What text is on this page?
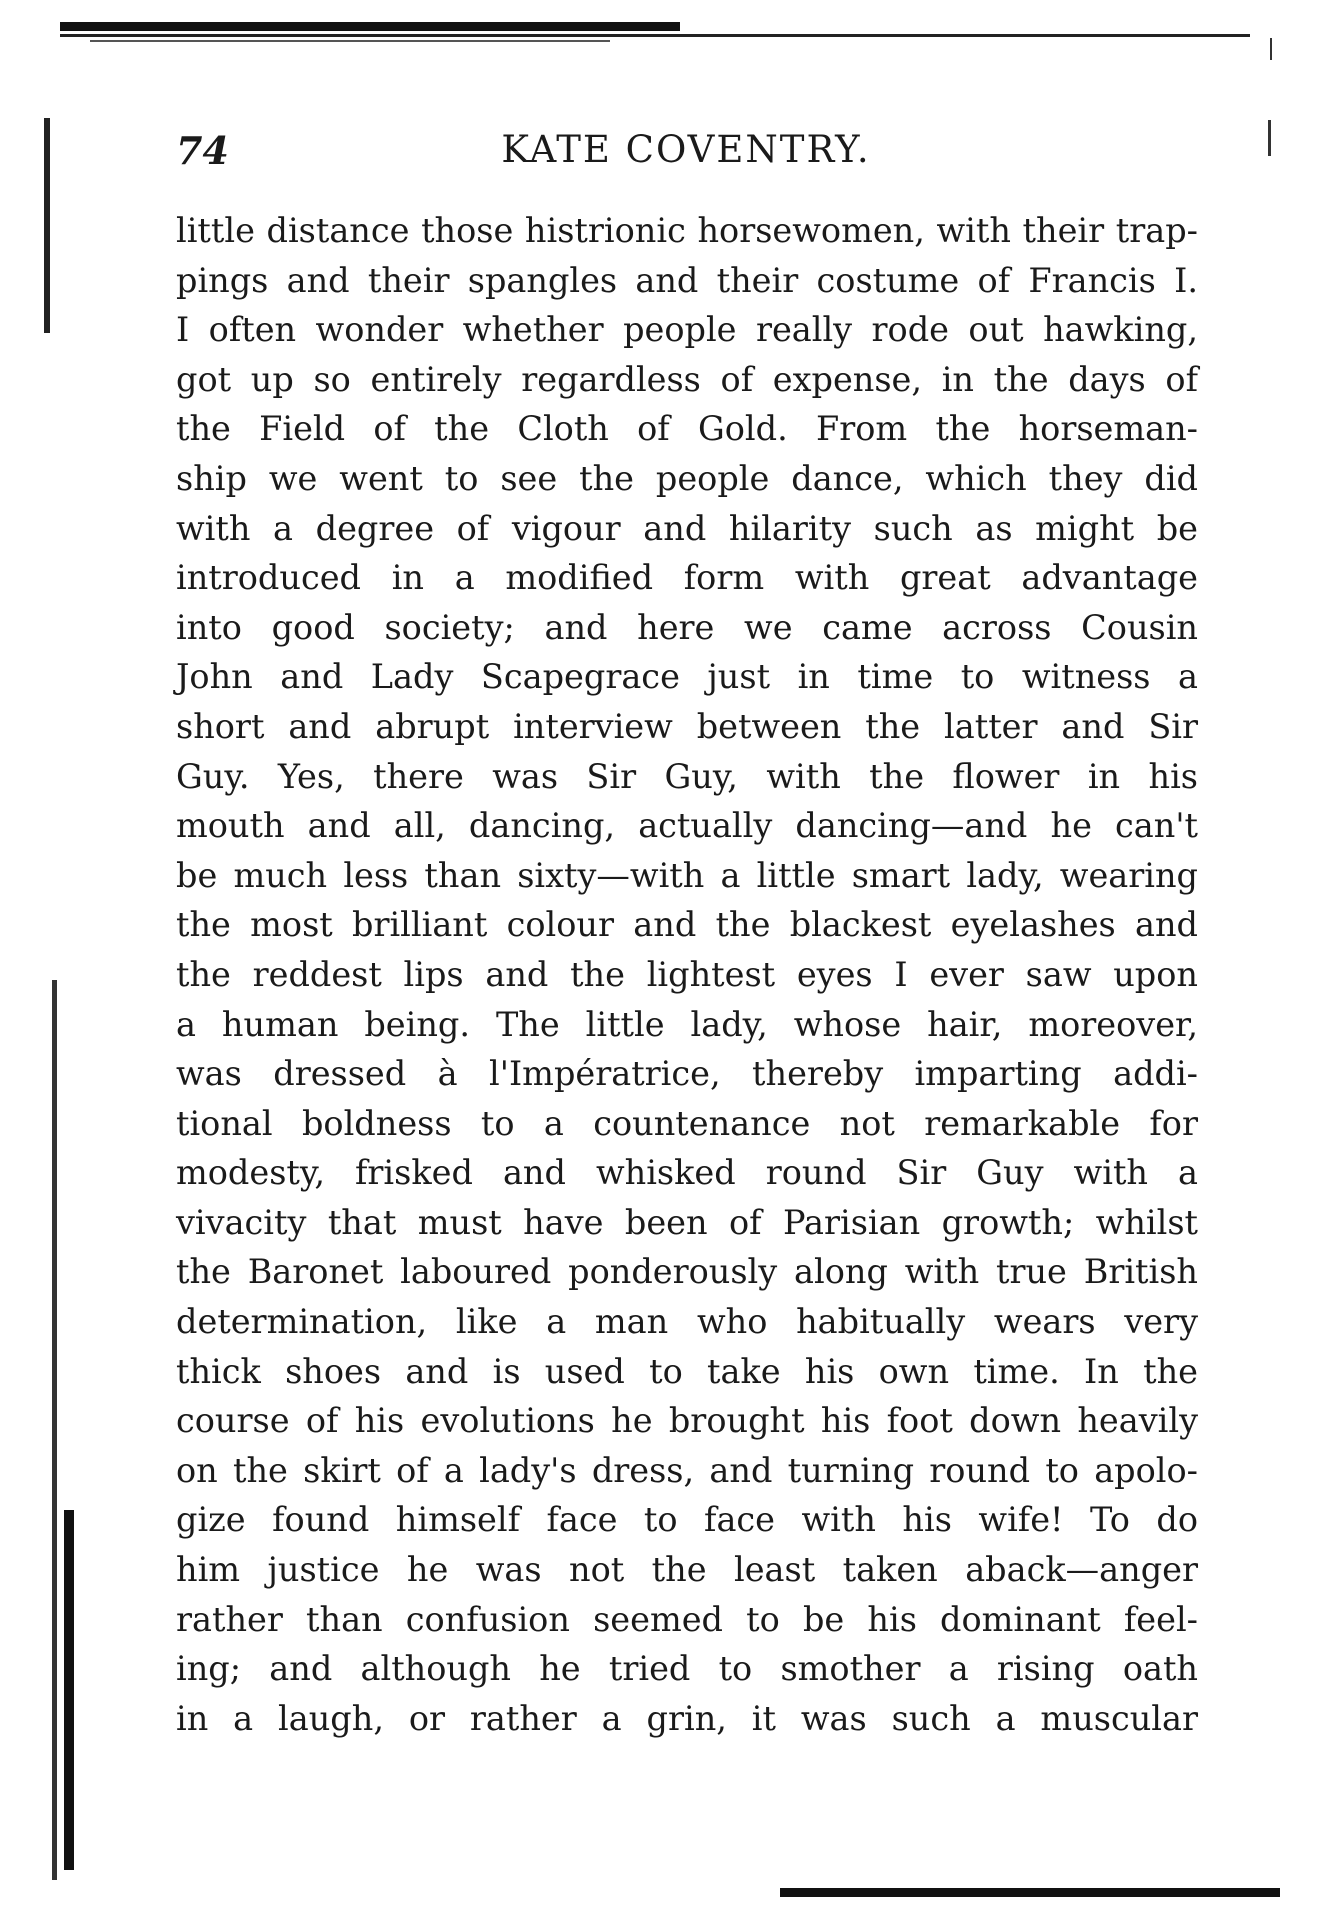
74	KATE COVENTRY.
little distance those histrionic horsewomen, with their trap-
pings and their spangles and their costume of Francis I.
I often wonder whether people really rode out hawking,
got up so entirely regardless of expense, in the days of
the Field of the Cloth of Gold. From the horseman-
ship we went to see the people dance, which they did
with a degree of vigour and hilarity such as might be
introduced in a modified form with great advantage
into good society; and here we came across Cousin
John and Lady Scapegrace just in time to witness a
short and abrupt interview between the latter and Sir
Guy. Yes, there was Sir Guy, with the flower in his
mouth and all, dancing, actually dancing—and he can't
be much less than sixty—with a little smart lady, wearing
the most brilliant colour and the blackest eyelashes and
the reddest lips and the lightest eyes I ever saw upon
a human being. The little lady, whose hair, moreover,
was dressed à l'Impératrice, thereby imparting addi-
tional boldness to a countenance not remarkable for
modesty, frisked and whisked round Sir Guy with a
vivacity that must have been of Parisian growth; whilst
the Baronet laboured ponderously along with true British
determination, like a man who habitually wears very
thick shoes and is used to take his own time. In the
course of his evolutions he brought his foot down heavily
on the skirt of a lady's dress, and turning round to apolo-
gize found himself face to face with his wife! To do
him justice he was not the least taken aback—anger
rather than confusion seemed to be his dominant feel-
ing; and although he tried to smother a rising oath
in a laugh, or rather a grin, it was such a muscular
